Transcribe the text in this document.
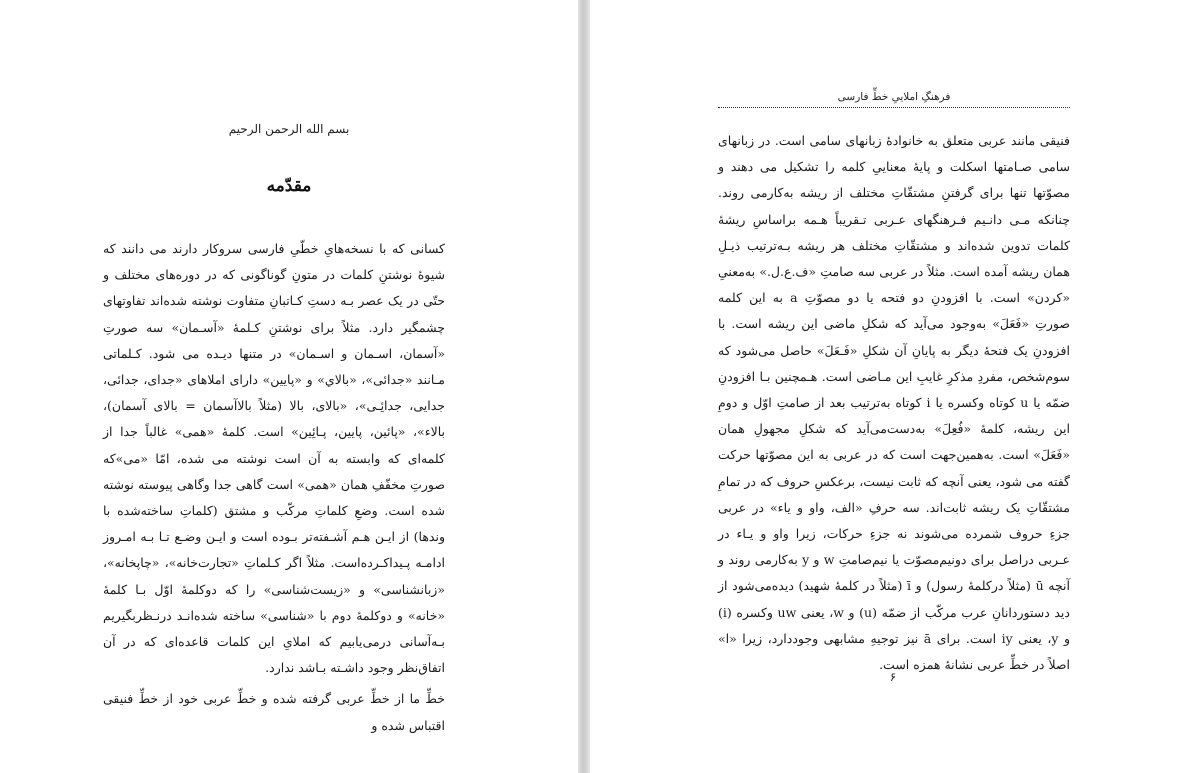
بسم الله الرحمن الرحیم

مقدّمه

کسانی که با نسخه‌هایِ خطّیِ فارسی سروکار دارند می دانند که شیوهٔ نوشتنِ کلمات در متونِ گوناگونی که در دوره‌های مختلف و حتّی در یک عصر بـه دستِ کـاتبانِ متفاوت نوشته شده‌اند تفاوتهای چشمگیر دارد. مثلاً برای نوشتنِ کـلمهٔ «آسـمان» سه صورتِ «آسمان، اسـمان و اسـمان» در متنها دیـده می شود. کـلماتی مـانند «جدائی»، «بالاي» و «پايين» دارای املاهای «جدای، جدائی، جدایی، جدائِـی»، «بالای، بالا (مثلاً بالاآسمان = بالای آسمان)، بالاء»، «پائین، پایین، پـائِین» است. کلمهٔ «همی» غالباً جدا از کلمه‌ای که وابسته به آن است نوشته می شده، امّا «می»که صورتِ مخفّفِ همان «همی» است گاهی جدا وگاهی پیوسته نوشته شده است. وضعِ کلماتِ مرکّب و مشتق (کلماتِ ساخته‌شده با وندها) از ایـن هـم آشـفته‌تر بـوده است و ایـن وضـع تـا بـه امـروز ادامـه پـیداکـرده‌است. مثلاً اگر کـلماتِ «تجارت‌خانه»، «چاپخانه»، «زبانشناسی» و «زیست‌شناسی» را که دوکلمهٔ اوّل بـا کلمهٔ «خانه» و دوکلمهٔ دوم با «شناسی» ساخته شده‌انـد درنـظربگیریم بـه‌آسانی درمی‌یابیم که املایِ این کلمات قاعده‌ای که در آن اتفاق‌نظر وجود داشـته بـاشد ندارد.

خطِّ ما از خطِّ عربی گرفته شده و خطِّ عربی خود از خطِّ فنیقی اقتباس شده و

فرهنگِ املاییِ خطِّ فارسی

فنیقی مانند عربی متعلق به خانوادهٔ زبانهای سامی است. در زبانهای سامی صـامتها اسکلت و پایهٔ معناییِ کلمه را تشکیل می دهند و مصوّتها تنها برای گرفتنِ مشتقّاتِ مختلف از ریشه به‌کارمی روند. چنانکه مـی دانـیم فـرهنگهای عـربی تـقریباً هـمه براساسِ ریشهٔ کلمات تدوین شده‌اند و مشتقّاتِ مختلف هر ریشه بـه‌ترتیب ذیـلِ همان ریشه آمده است. مثلاً در عربی سه صامتِ «ف.ع.ل.» به‌معنیِ «کردن» است. با افزودنِ دو فتحه یا دو مصوّتِ a به این کلمه صورتِ «فَعَلَ» به‌وجود می‌آید که شکلِ ماضی این ریشه است. با افزودنِ یک فتحهٔ دیگر به پایانِ آن شکلِ «فَـعَلَ» حاصل می‌شود که سوم‌شخص، مفردِ مذکرِ غایبِ این مـاضی است. هـمچنین بـا افزودنِ ضمّه یا u کوتاه وکسره یا i کوتاه به‌ترتیب بعد از صامتِ اوّل و دومِ این ریشه، کلمهٔ «فُعِلَ» به‌دست‌می‌آید که شکلِ مجهولِ همان «فَعَلَ» است. به‌همین‌جهت است که در عربی به این مصوّتها حرکت گفته می شود، یعنی آنچه که ثابت نیست، برعکسِ حروف که در تمامِ مشتقّاتِ یک ریشه ثابت‌اند. سه حرفِ «الف، واو و یاء» در عربی جزءِ حروف شمرده می‌شوند نه جزءِ حرکات، زیرا واو و یـاء در عـربی دراصل برای دونیم‌مصوّت یا نیم‌صامتِ w و y به‌کارمی روند و آنچه ū (مثلاً درکلمهٔ رسول) و ī (مثلاً در کلمهٔ شهید) دیده‌می‌شود از دید دستوردانانِ عرب مرکّب از ضمّه (u) و w، یعنی uw وکسره (i) و y، یعنی iy است. برای ā نیز توجیهِ مشابهی وجوددارد، زیرا «ا» اصلاً در خطِّ عربی نشانهٔ همزه است.

۶
